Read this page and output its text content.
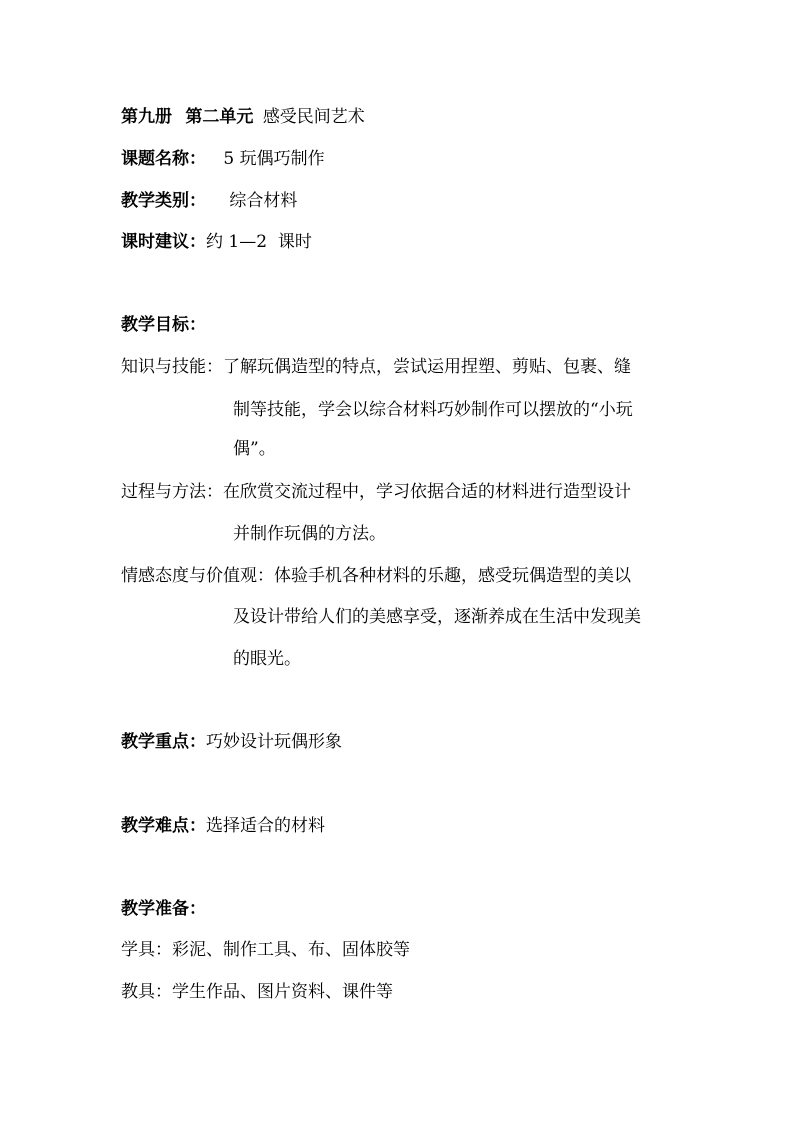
第九册 第二单元 感受民间艺术
课题名称： 5 玩偶巧制作
教学类别： 综合材料
课时建议：约 1—2  课时
教学目标：
知识与技能：了解玩偶造型的特点，尝试运用捏塑、剪贴、包裹、缝
制等技能，学会以综合材料巧妙制作可以摆放的“小玩
偶”。
过程与方法：在欣赏交流过程中，学习依据合适的材料进行造型设计
并制作玩偶的方法。
情感态度与价值观：体验手机各种材料的乐趣，感受玩偶造型的美以
及设计带给人们的美感享受，逐渐养成在生活中发现美
的眼光。
教学重点：巧妙设计玩偶形象
教学难点：选择适合的材料
教学准备：
学具：彩泥、制作工具、布、固体胶等
教具：学生作品、图片资料、课件等
